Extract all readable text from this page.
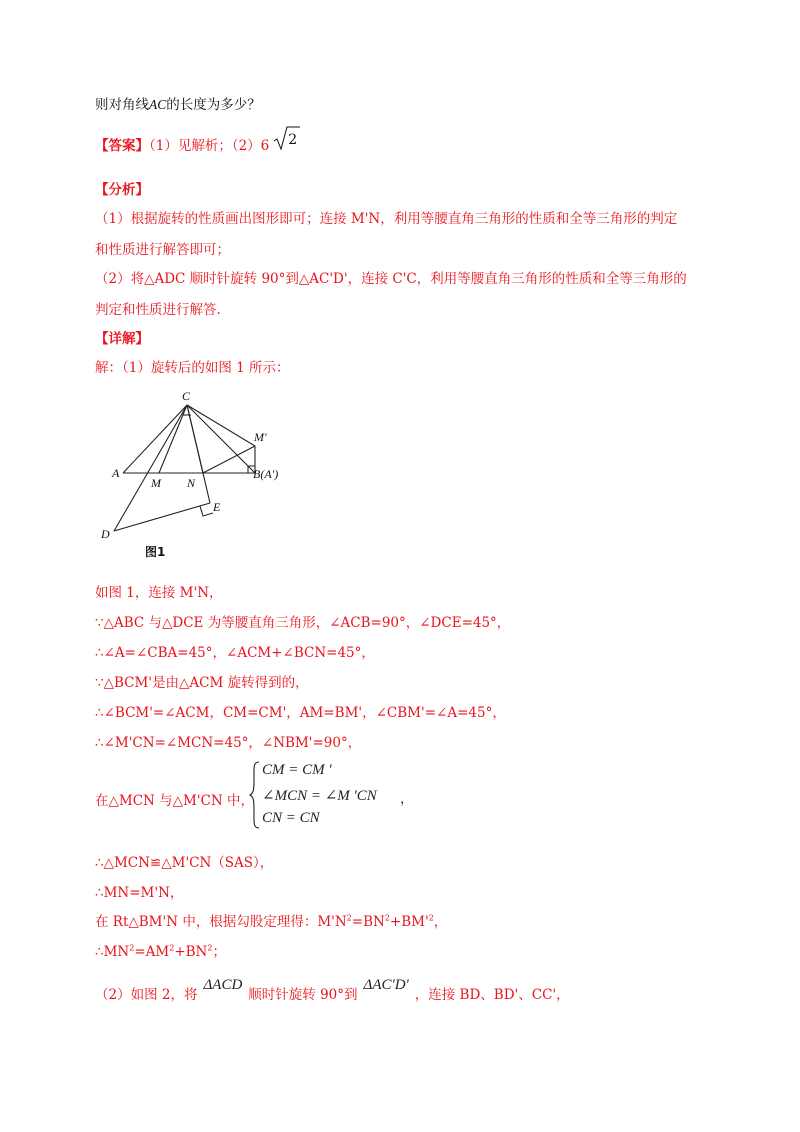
则对角线AC的长度为多少？
【答案】（1）见解析；（2）6 2
【分析】
（1）根据旋转的性质画出图形即可；连接 M'N，利用等腰直角三角形的性质和全等三角形的判定
和性质进行解答即可；
（2）将△ADC 顺时针旋转 90°到△AC'D'，连接 C'C，利用等腰直角三角形的性质和全等三角形的
判定和性质进行解答.
【详解】
解：（1）旋转后的如图 1 所示：
C
M'
A
M N
B(A')
E
D
图1
如图 1，连接 M'N，
∵△ABC 与△DCE 为等腰直角三角形，∠ACB=90°，∠DCE=45°，
∴∠A=∠CBA=45°，∠ACM+∠BCN=45°，
∵△BCM'是由△ACM 旋转得到的，
∴∠BCM'=∠ACM，CM=CM'，AM=BM'，∠CBM'=∠A=45°，
∴∠M'CN=∠MCN=45°，∠NBM'=90°，
在△MCN 与△M'CN 中，
CM = CM '
∠MCN = ∠M 'CN
CN = CN
，
∴△MCN≌△M'CN（SAS），
∴MN=M'N，
在 Rt△BM'N 中，根据勾股定理得：$M'N^2=BN^2+BM'^2$，
$\therefore MN^2=AM^2+BN^2$；
（2）如图 2，将ΔACD顺时针旋转 90°到ΔAC'D'，连接 BD、BD'、CC'，
